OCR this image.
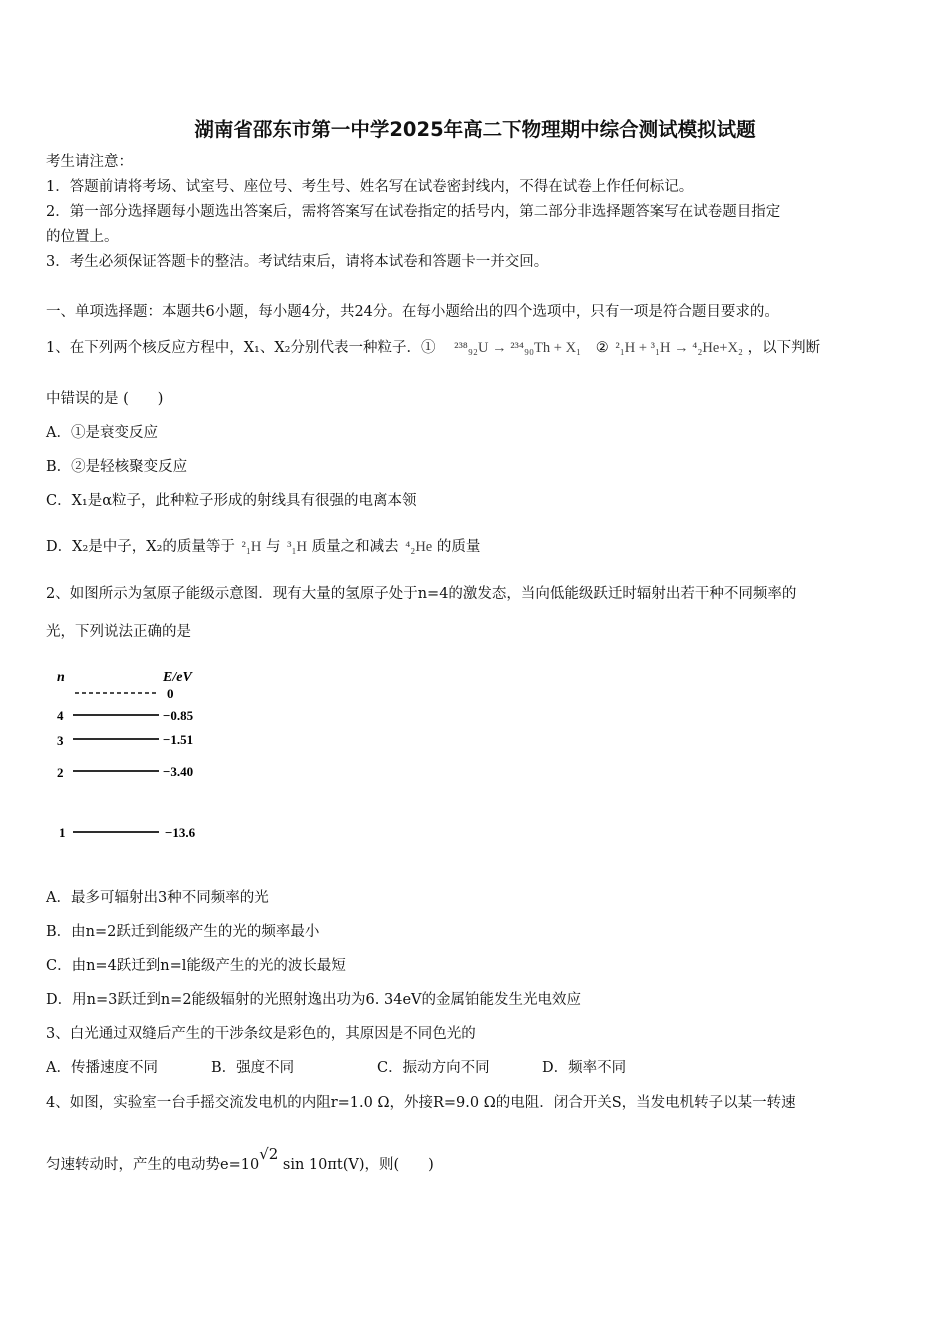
湖南省邵东市第一中学2025年高二下物理期中综合测试模拟试题
考生请注意：
1．答题前请将考场、试室号、座位号、考生号、姓名写在试卷密封线内，不得在试卷上作任何标记。
2．第一部分选择题每小题选出答案后，需将答案写在试卷指定的括号内，第二部分非选择题答案写在试卷题目指定
的位置上。
3．考生必须保证答题卡的整洁。考试结束后，请将本试卷和答题卡一并交回。
一、单项选择题：本题共6小题，每小题4分，共24分。在每小题给出的四个选项中，只有一项是符合题目要求的。
1、在下列两个核反应方程中，X₁、X₂分别代表一种粒子．① ²³⁸₉₂U → ²³⁴₉₀Th + X₁ ② ²₁H + ³₁H → ⁴₂He+X₂ ，以下判断
中错误的是 (　　)
A．①是衰变反应
B．②是轻核聚变反应
C．X₁是α粒子，此种粒子形成的射线具有很强的电离本领
D．X₂是中子，X₂的质量等于 ²₁H 与 ³₁H 质量之和减去 ⁴₂He 的质量
2、如图所示为氢原子能级示意图．现有大量的氢原子处于n=4的激发态，当向低能级跃迁时辐射出若干种不同频率的
光，下列说法正确的是
n	E/eV
0
4	−0.85
3	−1.51
2	−3.40
1	−13.6
A．最多可辐射出3种不同频率的光
B．由n=2跃迁到能级产生的光的频率最小
C．由n=4跃迁到n=l能级产生的光的波长最短
D．用n=3跃迁到n=2能级辐射的光照射逸出功为6. 34eV的金属铂能发生光电效应
3、白光通过双缝后产生的干涉条纹是彩色的，其原因是不同色光的
A．传播速度不同	B．强度不同	C．振动方向不同	D．频率不同
4、如图，实验室一台手摇交流发电机的内阻r=1.0 Ω，外接R=9.0 Ω的电阻．闭合开关S，当发电机转子以某一转速
匀速转动时，产生的电动势e=10√2 sin 10πt(V)，则(　　)
